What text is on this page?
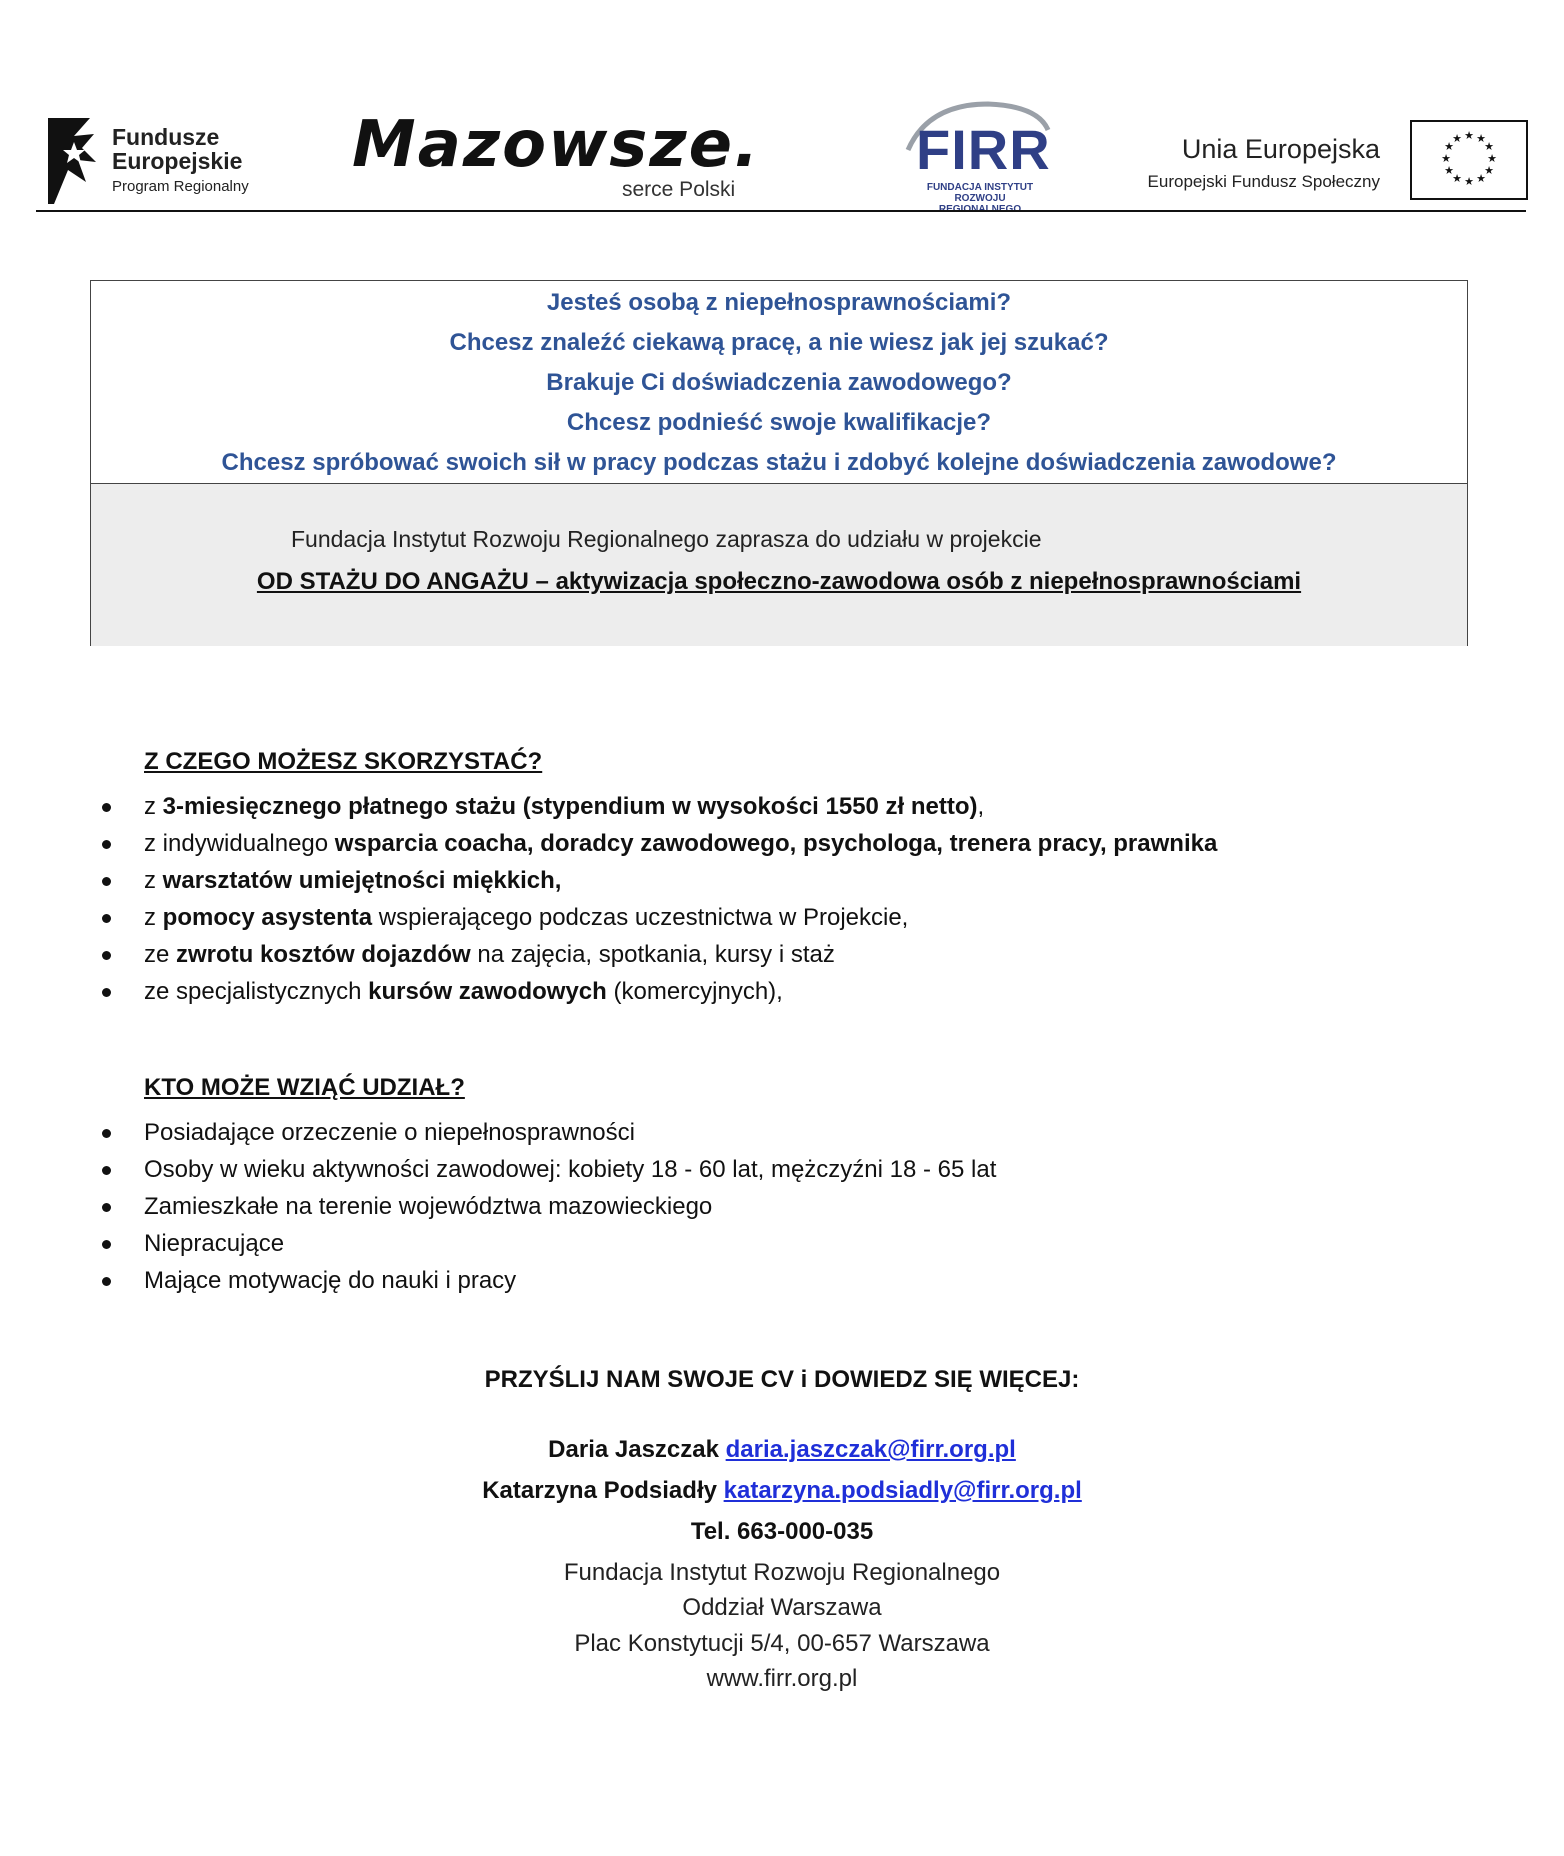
Fundusze
Europejskie
Program Regionalny
Mazowsze.
serce Polski
FIRR
FUNDACJA INSTYTUT
ROZWOJU
Unia Europejska
Europejski Fundusz Społeczny
★ ★
★
★
★
★
★
★
★
★
★
★
Jesteś osobą z niepełnosprawnościami?
Chcesz znaleźć ciekawą pracę, a nie wiesz jak jej szukać?
Brakuje Ci doświadczenia zawodowego?
Chcesz podnieść swoje kwalifikacje?
Chcesz spróbować swoich sił w pracy podczas stażu i zdobyć kolejne doświadczenia zawodowe?
Fundacja Instytut Rozwoju Regionalnego zaprasza do udziału w projekcie
OD STAŻU DO ANGAŻU – aktywizacja społeczno-zawodowa osób z niepełnosprawnościami
Z CZEGO MOŻESZ SKORZYSTAĆ?
z 3-miesięcznego płatnego stażu (stypendium w wysokości 1550 zł netto),
z indywidualnego wsparcia coacha, doradcy zawodowego, psychologa, trenera pracy, prawnika
z warsztatów umiejętności miękkich,
z pomocy asystenta wspierającego podczas uczestnictwa w Projekcie,
ze zwrotu kosztów dojazdów na zajęcia, spotkania, kursy i staż
ze specjalistycznych kursów zawodowych (komercyjnych),
KTO MOŻE WZIĄĆ UDZIAŁ?
Posiadające orzeczenie o niepełnosprawności
Osoby w wieku aktywności zawodowej: kobiety 18 - 60 lat, mężczyźni 18 - 65 lat
Zamieszkałe na terenie województwa mazowieckiego
Niepracujące
Mające motywację do nauki i pracy
PRZYŚLIJ NAM SWOJE CV i DOWIEDZ SIĘ WIĘCEJ:
Daria Jaszczak daria.jaszczak@firr.org.pl
Katarzyna Podsiadły katarzyna.podsiadly@firr.org.pl
Tel. 663-000-035
Fundacja Instytut Rozwoju Regionalnego
Oddział Warszawa
Plac Konstytucji 5/4, 00-657 Warszawa
www.firr.org.pl
